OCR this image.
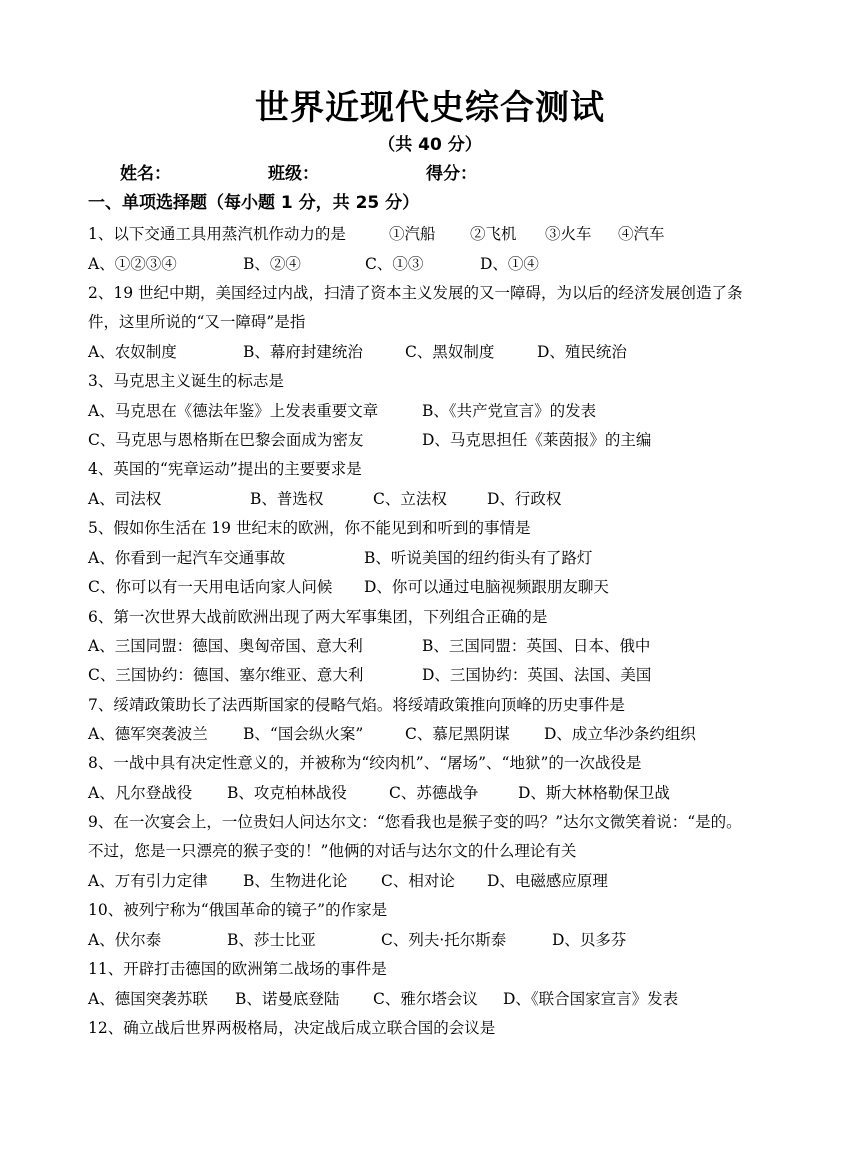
世界近现代史综合测试
（共 40 分）
姓名：	班级：	得分：
一、单项选择题（每小题 1 分，共 25 分）
1、以下交通工具用蒸汽机作动力的是	①汽船 ②飞机 ③火车 ④汽车
A、①②③④	B、②④	C、①③	D、①④
2、19 世纪中期，美国经过内战，扫清了资本主义发展的又一障碍，为以后的经济发展创造了条
件，这里所说的“又一障碍”是指
A、农奴制度	B、幕府封建统治	C、黑奴制度	D、殖民统治
3、马克思主义诞生的标志是
A、马克思在《德法年鉴》上发表重要文章	B、《共产党宣言》的发表
C、马克思与恩格斯在巴黎会面成为密友	D、马克思担任《莱茵报》的主编
4、英国的“宪章运动”提出的主要要求是
A、司法权	B、普选权	C、立法权	D、行政权
5、假如你生活在 19 世纪末的欧洲，你不能见到和听到的事情是
A、你看到一起汽车交通事故	B、听说美国的纽约街头有了路灯
C、你可以有一天用电话向家人问候 D、你可以通过电脑视频跟朋友聊天
6、第一次世界大战前欧洲出现了两大军事集团，下列组合正确的是
A、三国同盟：德国、奥匈帝国、意大利	B、三国同盟：英国、日本、俄中
C、三国协约：德国、塞尔维亚、意大利	D、三国协约：英国、法国、美国
7、绥靖政策助长了法西斯国家的侵略气焰。将绥靖政策推向顶峰的历史事件是
A、德军突袭波兰 B、“国会纵火案”	C、慕尼黑阴谋 D、成立华沙条约组织
8、一战中具有决定性意义的，并被称为“绞肉机”、“屠场”、“地狱”的一次战役是
A、凡尔登战役 B、攻克柏林战役	C、苏德战争	D、斯大林格勒保卫战
9、在一次宴会上，一位贵妇人问达尔文：“您看我也是猴子变的吗？”达尔文微笑着说：“是的。
不过，您是一只漂亮的猴子变的！”他俩的对话与达尔文的什么理论有关
A、万有引力定律 B、生物进化论 C、相对论 D、电磁感应原理
10、被列宁称为“俄国革命的镜子”的作家是
A、伏尔泰	B、莎士比亚	C、列夫·托尔斯泰	D、贝多芬
11、开辟打击德国的欧洲第二战场的事件是
A、德国突袭苏联 B、诺曼底登陆 C、雅尔塔会议 D、《联合国家宣言》发表
12、确立战后世界两极格局，决定战后成立联合国的会议是
